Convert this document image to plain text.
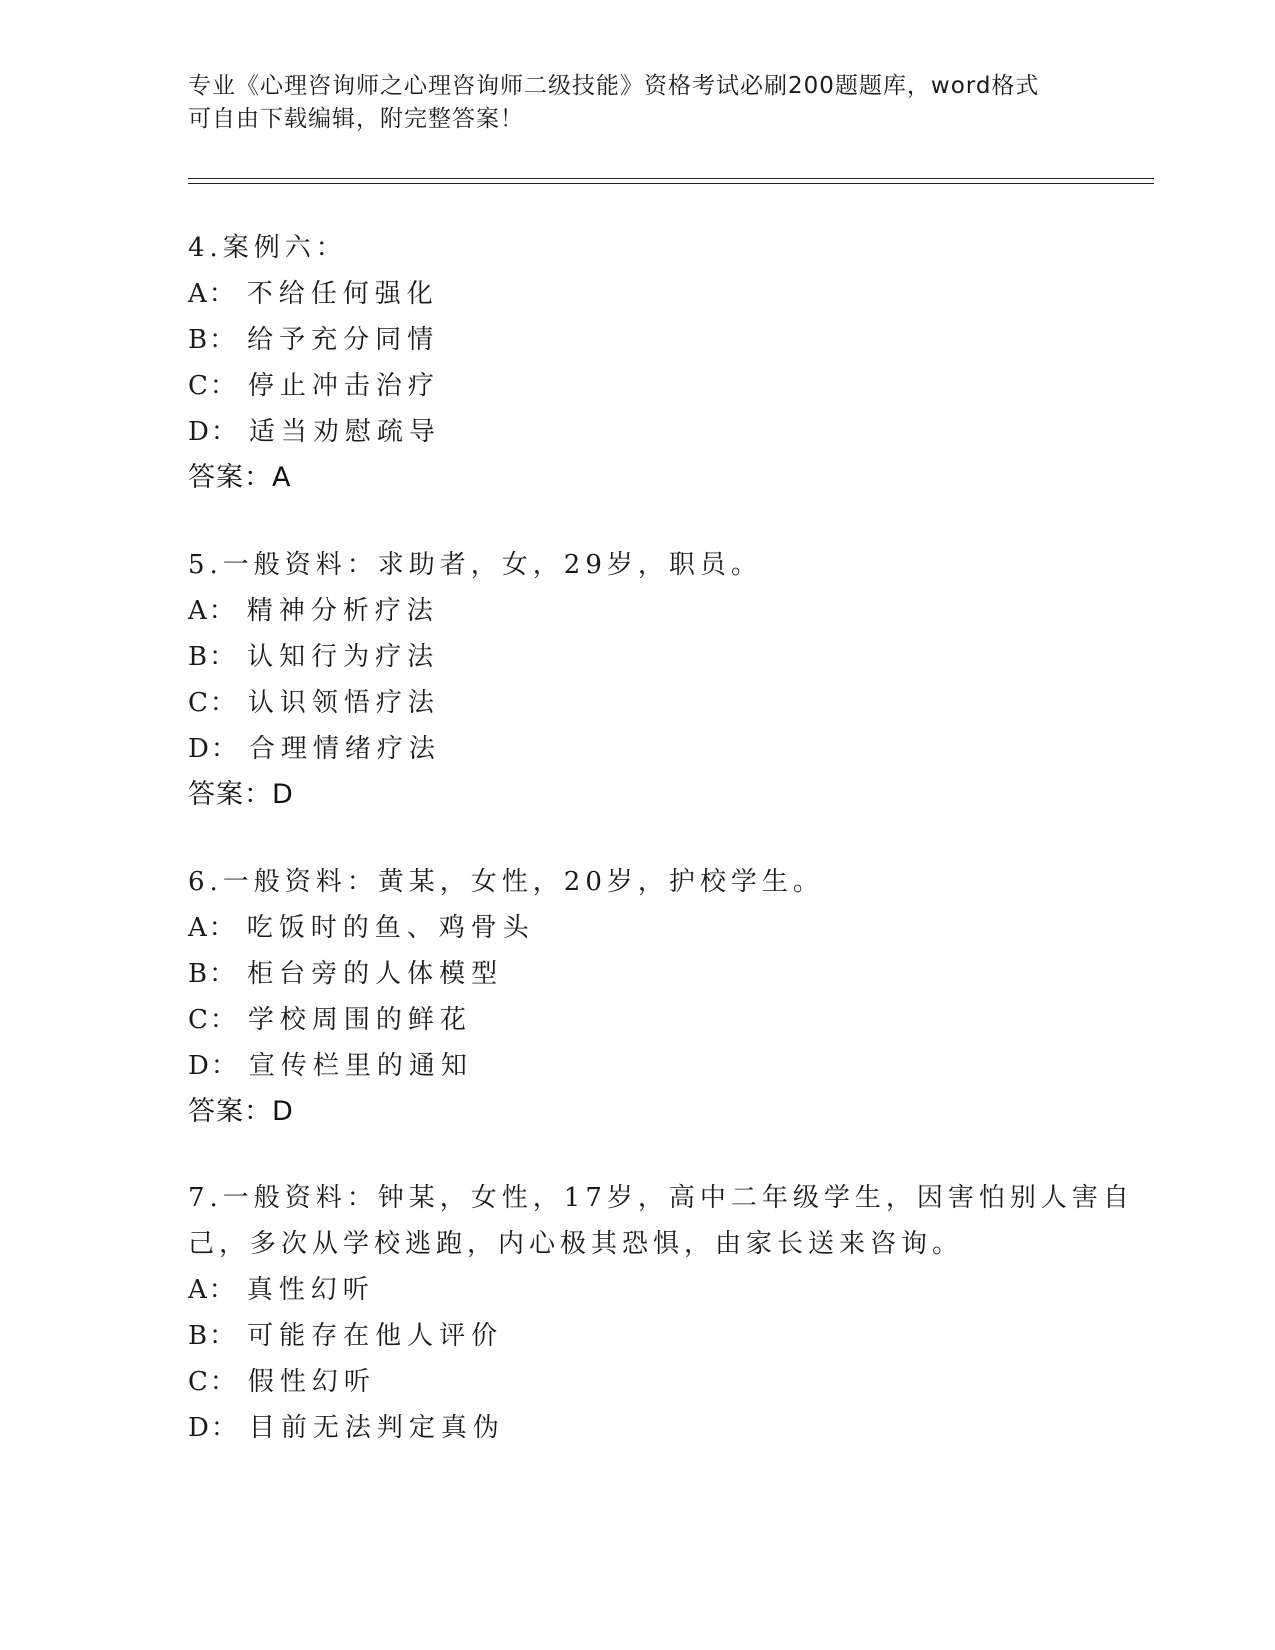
专业《心理咨询师之心理咨询师二级技能》资格考试必刷200题题库，word格式
可自由下载编辑，附完整答案！
4.案例六：
A： 不给任何强化
B： 给予充分同情
C： 停止冲击治疗
D： 适当劝慰疏导
答案：A
5.一般资料：求助者，女，29岁，职员。
A： 精神分析疗法
B： 认知行为疗法
C： 认识领悟疗法
D： 合理情绪疗法
答案：D
6.一般资料：黄某，女性，20岁，护校学生。
A： 吃饭时的鱼、鸡骨头
B： 柜台旁的人体模型
C： 学校周围的鲜花
D： 宣传栏里的通知
答案：D
7.一般资料：钟某，女性，17岁，高中二年级学生，因害怕别人害自
己，多次从学校逃跑，内心极其恐惧，由家长送来咨询。
A： 真性幻听
B： 可能存在他人评价
C： 假性幻听
D： 目前无法判定真伪
